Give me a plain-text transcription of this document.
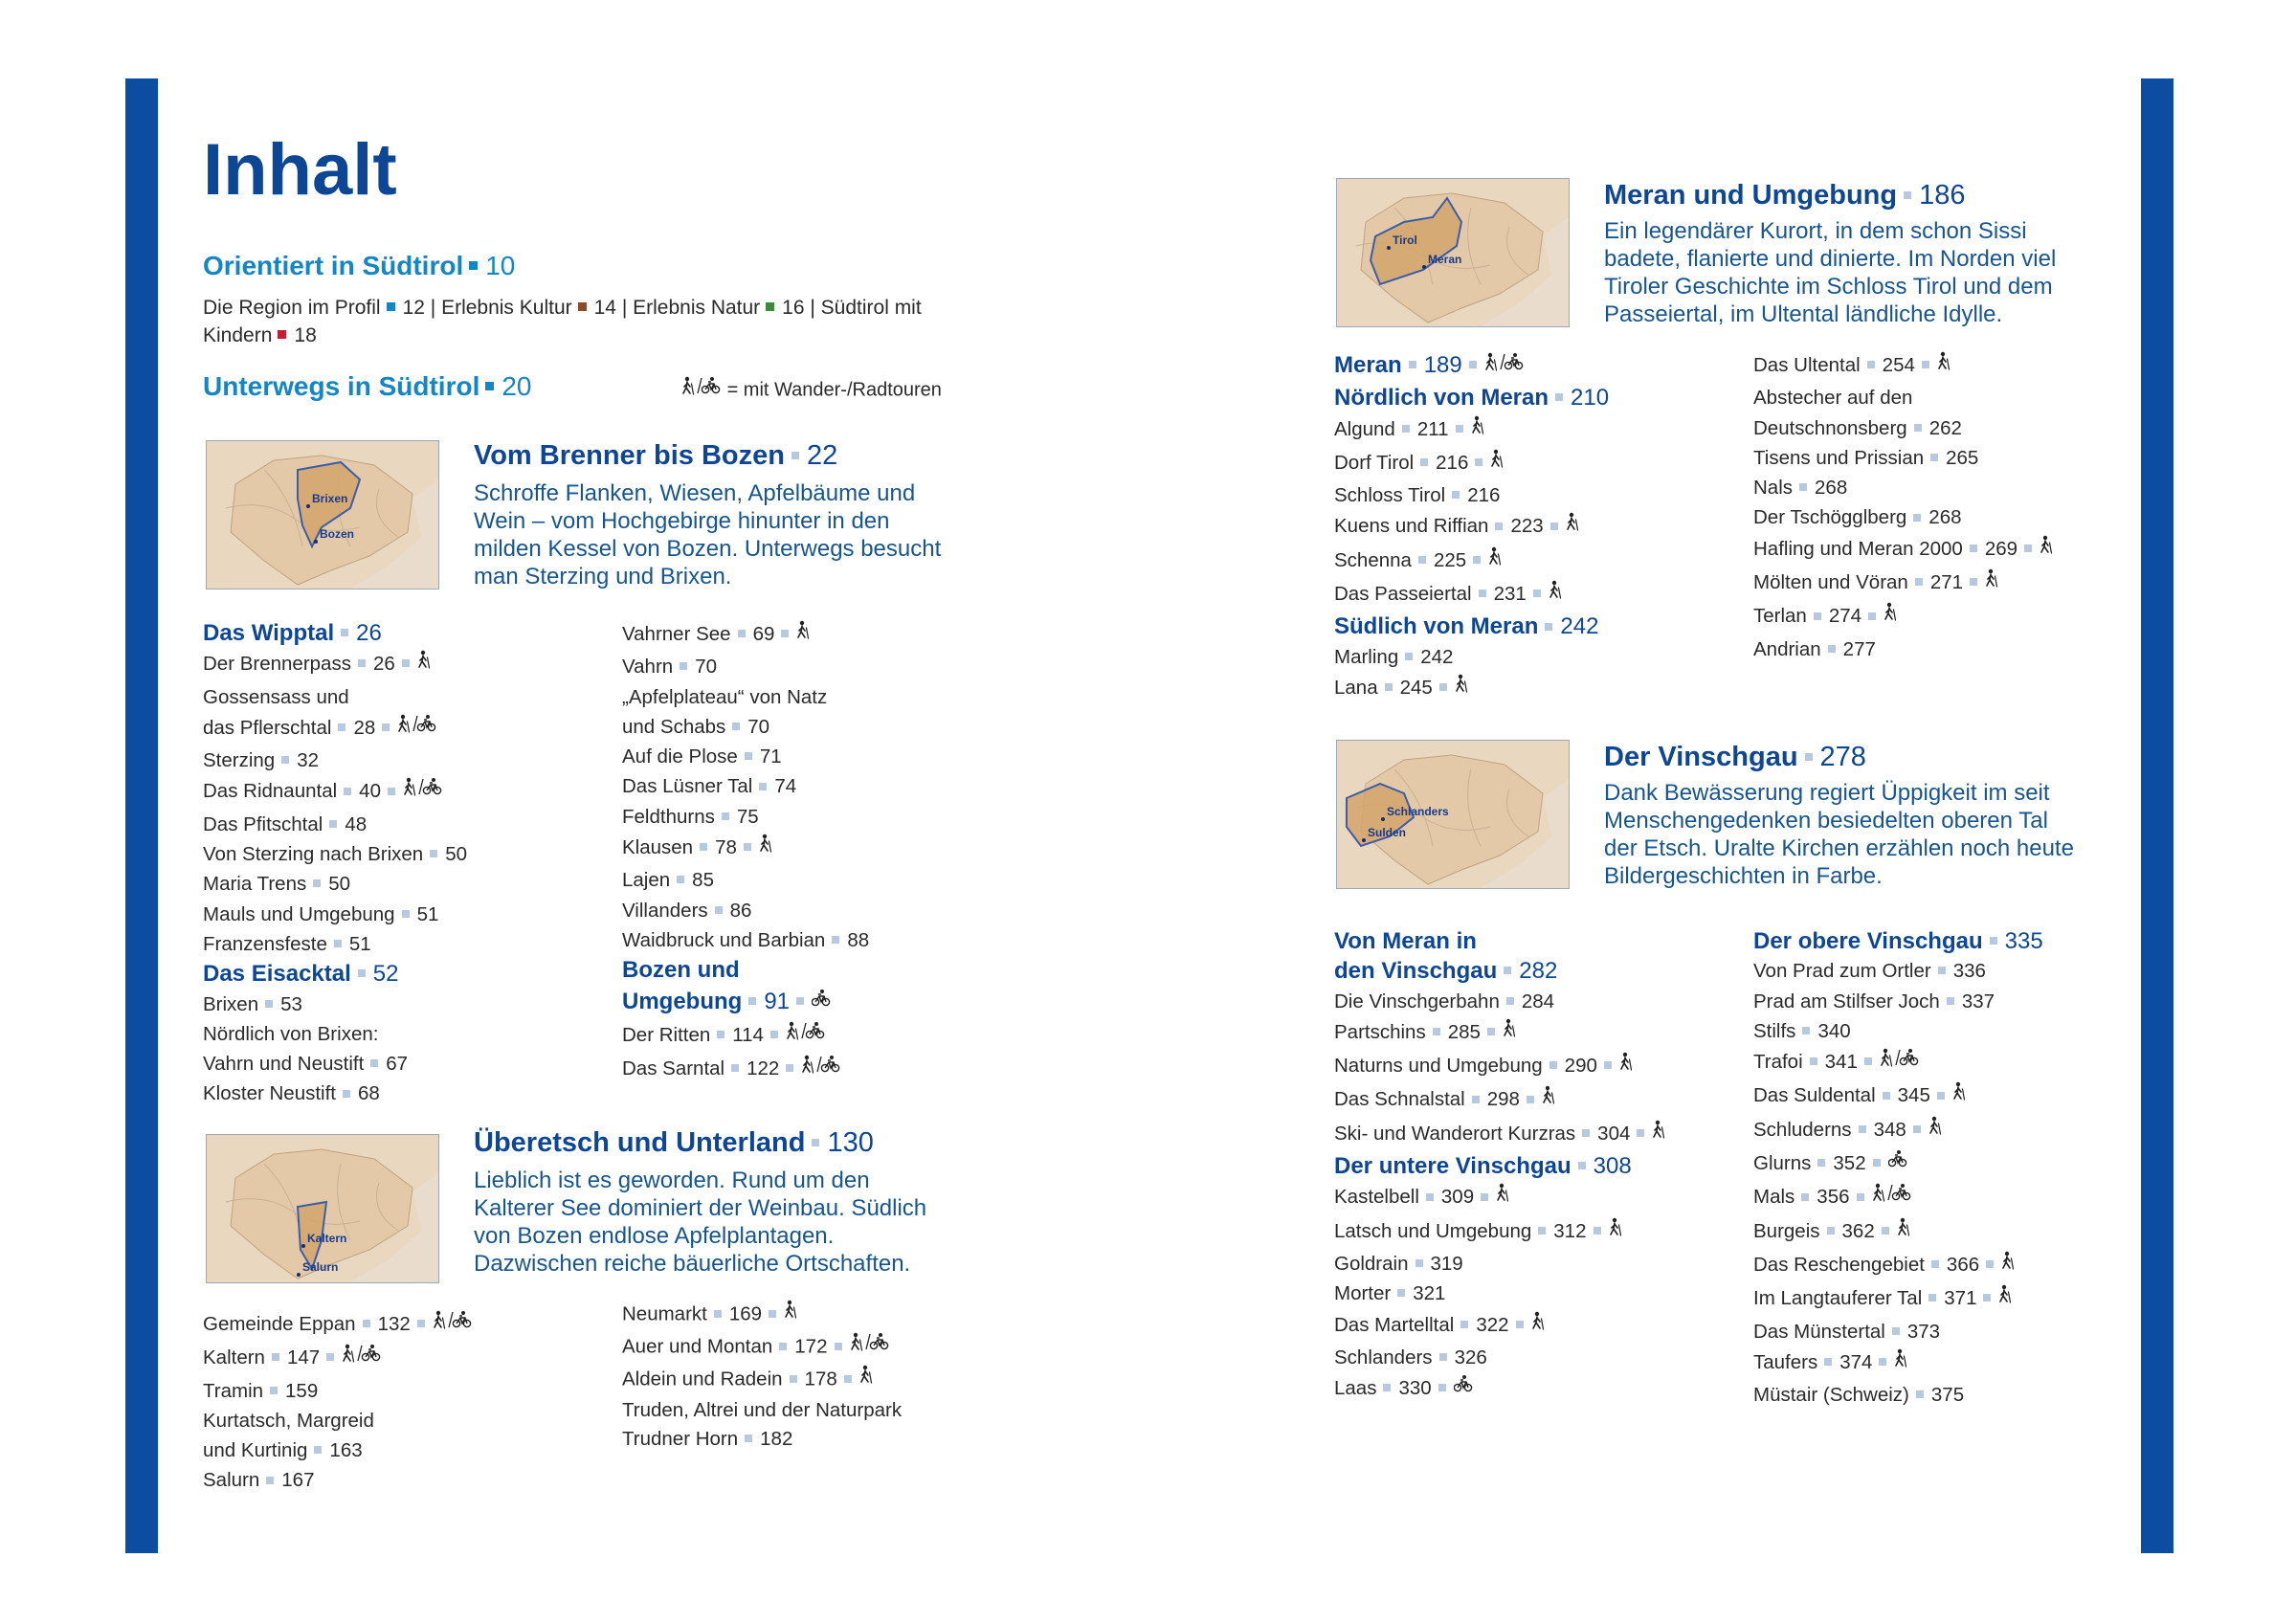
Inhalt
Orientiert in Südtirol 10
Die Region im Profil 12 | Erlebnis Kultur 14 | Erlebnis Natur 16 | Südtirol mit
Kindern 18
Unterwegs in Südtirol 20	= mit Wander-/Radtouren
Brixen
Bozen
Vom Brenner bis Bozen 22
Schroffe Flanken, Wiesen, Apfelbäume und
Wein – vom Hochgebirge hinunter in den
milden Kessel von Bozen. Unterwegs besucht
man Sterzing und Brixen.
Das Wipptal 26
Der Brennerpass 26
Gossensass und
das Pflerschtal 28
Sterzing 32
Das Ridnauntal 40
Das Pfitschtal 48
Von Sterzing nach Brixen 50
Maria Trens 50
Mauls und Umgebung 51
Franzensfeste 51
Das Eisacktal 52
Brixen 53
Nördlich von Brixen:
Vahrn und Neustift 67
Kloster Neustift 68
Vahrner See 69
Vahrn 70
„Apfelplateau“ von Natz
und Schabs 70
Auf die Plose 71
Das Lüsner Tal 74
Feldthurns 75
Klausen 78
Lajen 85
Villanders 86
Waidbruck und Barbian 88
Bozen und
Umgebung 91
Der Ritten 114
Das Sarntal 122
Kaltern
Salurn
Überetsch und Unterland 130
Lieblich ist es geworden. Rund um den
Kalterer See dominiert der Weinbau. Südlich
von Bozen endlose Apfelplantagen.
Dazwischen reiche bäuerliche Ortschaften.
Gemeinde Eppan 132
Kaltern 147
Tramin 159
Kurtatsch, Margreid
und Kurtinig 163
Salurn 167
Neumarkt 169
Auer und Montan 172
Aldein und Radein 178
Truden, Altrei und der Naturpark
Trudner Horn 182
Tirol
Meran
Meran und Umgebung 186
Ein legendärer Kurort, in dem schon Sissi
badete, flanierte und dinierte. Im Norden viel
Tiroler Geschichte im Schloss Tirol und dem
Passeiertal, im Ultental ländliche Idylle.
Meran 189
Nördlich von Meran 210
Algund 211
Dorf Tirol 216
Schloss Tirol 216
Kuens und Riffian 223
Schenna 225
Das Passeiertal 231
Südlich von Meran 242
Marling 242
Lana 245
Das Ultental 254
Abstecher auf den
Deutschnonsberg 262
Tisens und Prissian 265
Nals 268
Der Tschögglberg 268
Hafling und Meran 2000 269
Mölten und Vöran 271
Terlan 274
Andrian 277
Schlanders
Sulden
Der Vinschgau 278
Dank Bewässerung regiert Üppigkeit im seit
Menschengedenken besiedelten oberen Tal
der Etsch. Uralte Kirchen erzählen noch heute
Bildergeschichten in Farbe.
Von Meran in
den Vinschgau 282
Die Vinschgerbahn 284
Partschins 285
Naturns und Umgebung 290
Das Schnalstal 298
Ski- und Wanderort Kurzras 304
Der untere Vinschgau 308
Kastelbell 309
Latsch und Umgebung 312
Goldrain 319
Morter 321
Das Martelltal 322
Schlanders 326
Laas 330
Der obere Vinschgau 335
Von Prad zum Ortler 336
Prad am Stilfser Joch 337
Stilfs 340
Trafoi 341
Das Suldental 345
Schluderns 348
Glurns 352
Mals 356
Burgeis 362
Das Reschengebiet 366
Im Langtauferer Tal 371
Das Münstertal 373
Taufers 374
Müstair (Schweiz) 375
